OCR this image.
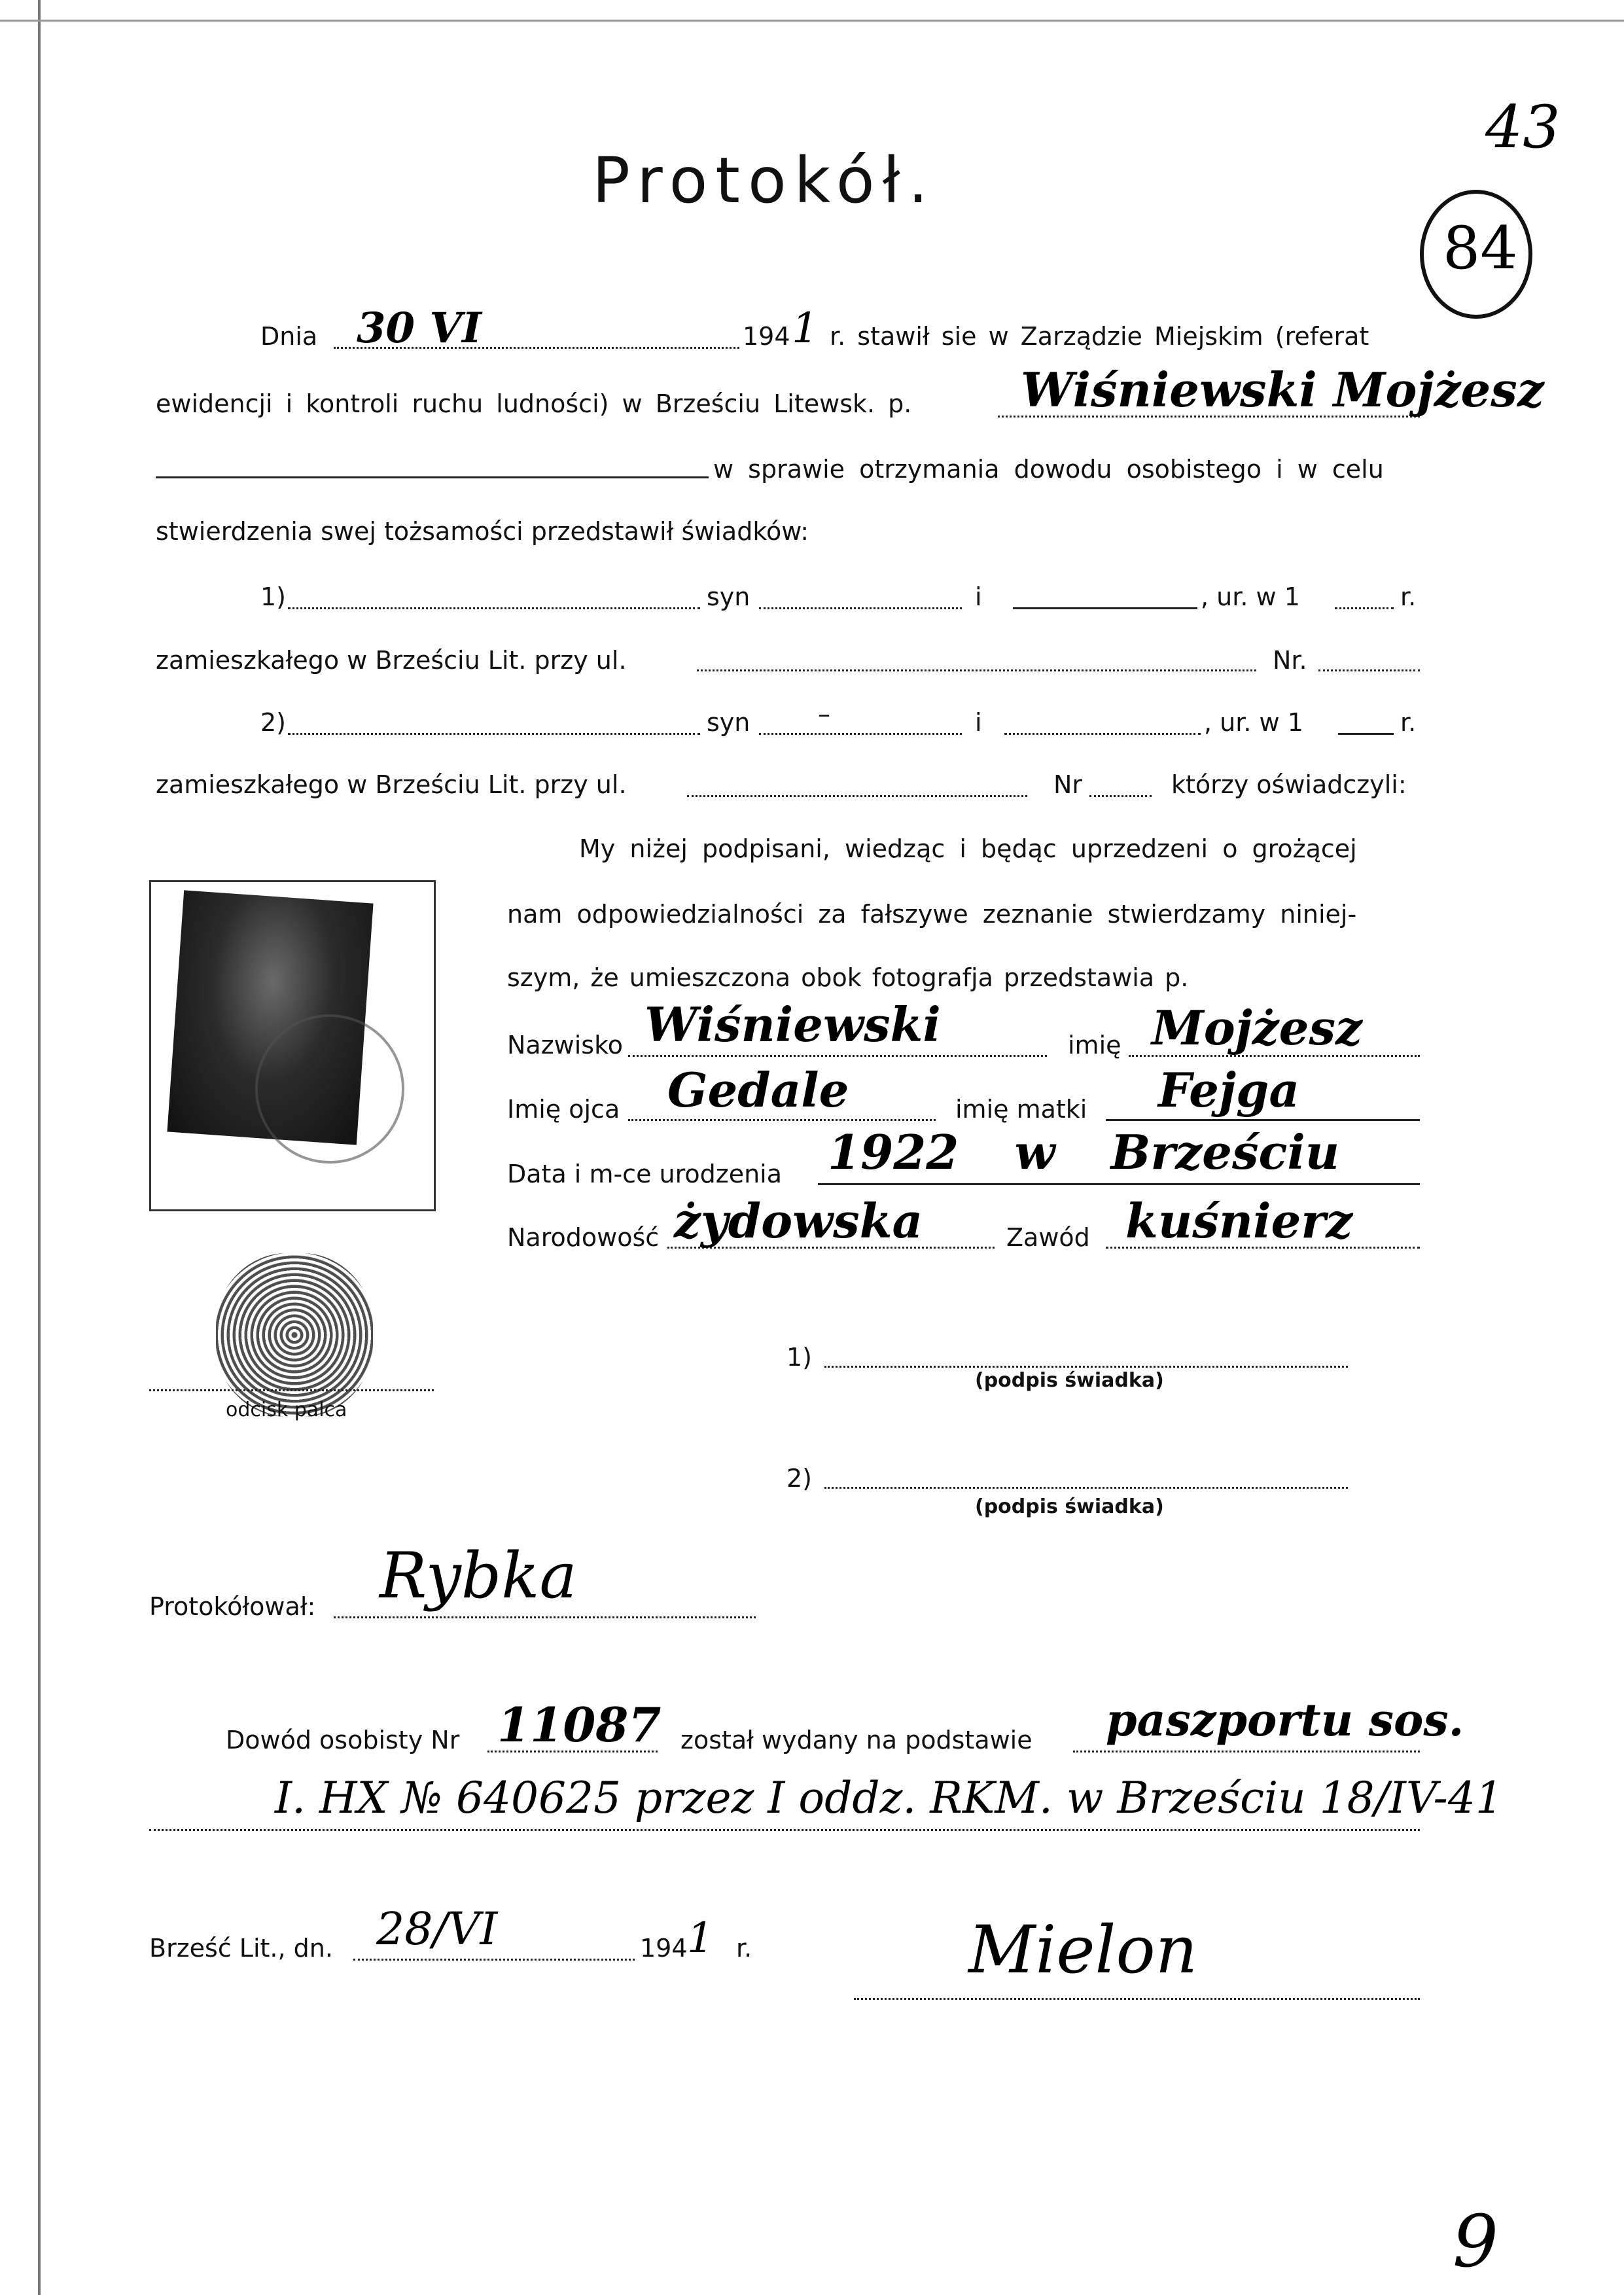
43
84
9
Protokół.
Dnia 30 VI	194 1 r. stawił sie w Zarządzie Miejskim (referat
ewidencji i kontroli ruchu ludności) w Brześciu Litewsk. p. Wiśniewski Mojżesz
w sprawie otrzymania dowodu osobistego i w celu
stwierdzenia swej tożsamości przedstawił świadków:
1)	syn	i	, ur. w 1	r.
zamieszkałego w Brześciu Lit. przy ul.	Nr.
2)	syn	–	i	, ur. w 1	r.
zamieszkałego w Brześciu Lit. przy ul.	Nr	którzy oświadczyli:
My niżej podpisani, wiedząc i będąc uprzedzeni o grożącej
nam odpowiedzialności za fałszywe zeznanie stwierdzamy niniej-
szym, że umieszczona obok fotografja przedstawia p.
Nazwisko Wiśniewski	imię Mojżesz
Imię ojca Gedale	imię matki Fejga
Data i m-ce urodzenia 1922 w Brześciu
Narodowość żydowska	Zawód kuśnierz
odcisk palca
1)
(podpis świadka)
2)
(podpis świadka)
Protokółował: Rybka
Dowód osobisty Nr 11087 został wydany na podstawie paszportu sos.
I. HX № 640625 przez I oddz. RKM. w Brześciu 18/IV-41
Brześć Lit., dn. 28/VI	194 1 r.	Mielon
